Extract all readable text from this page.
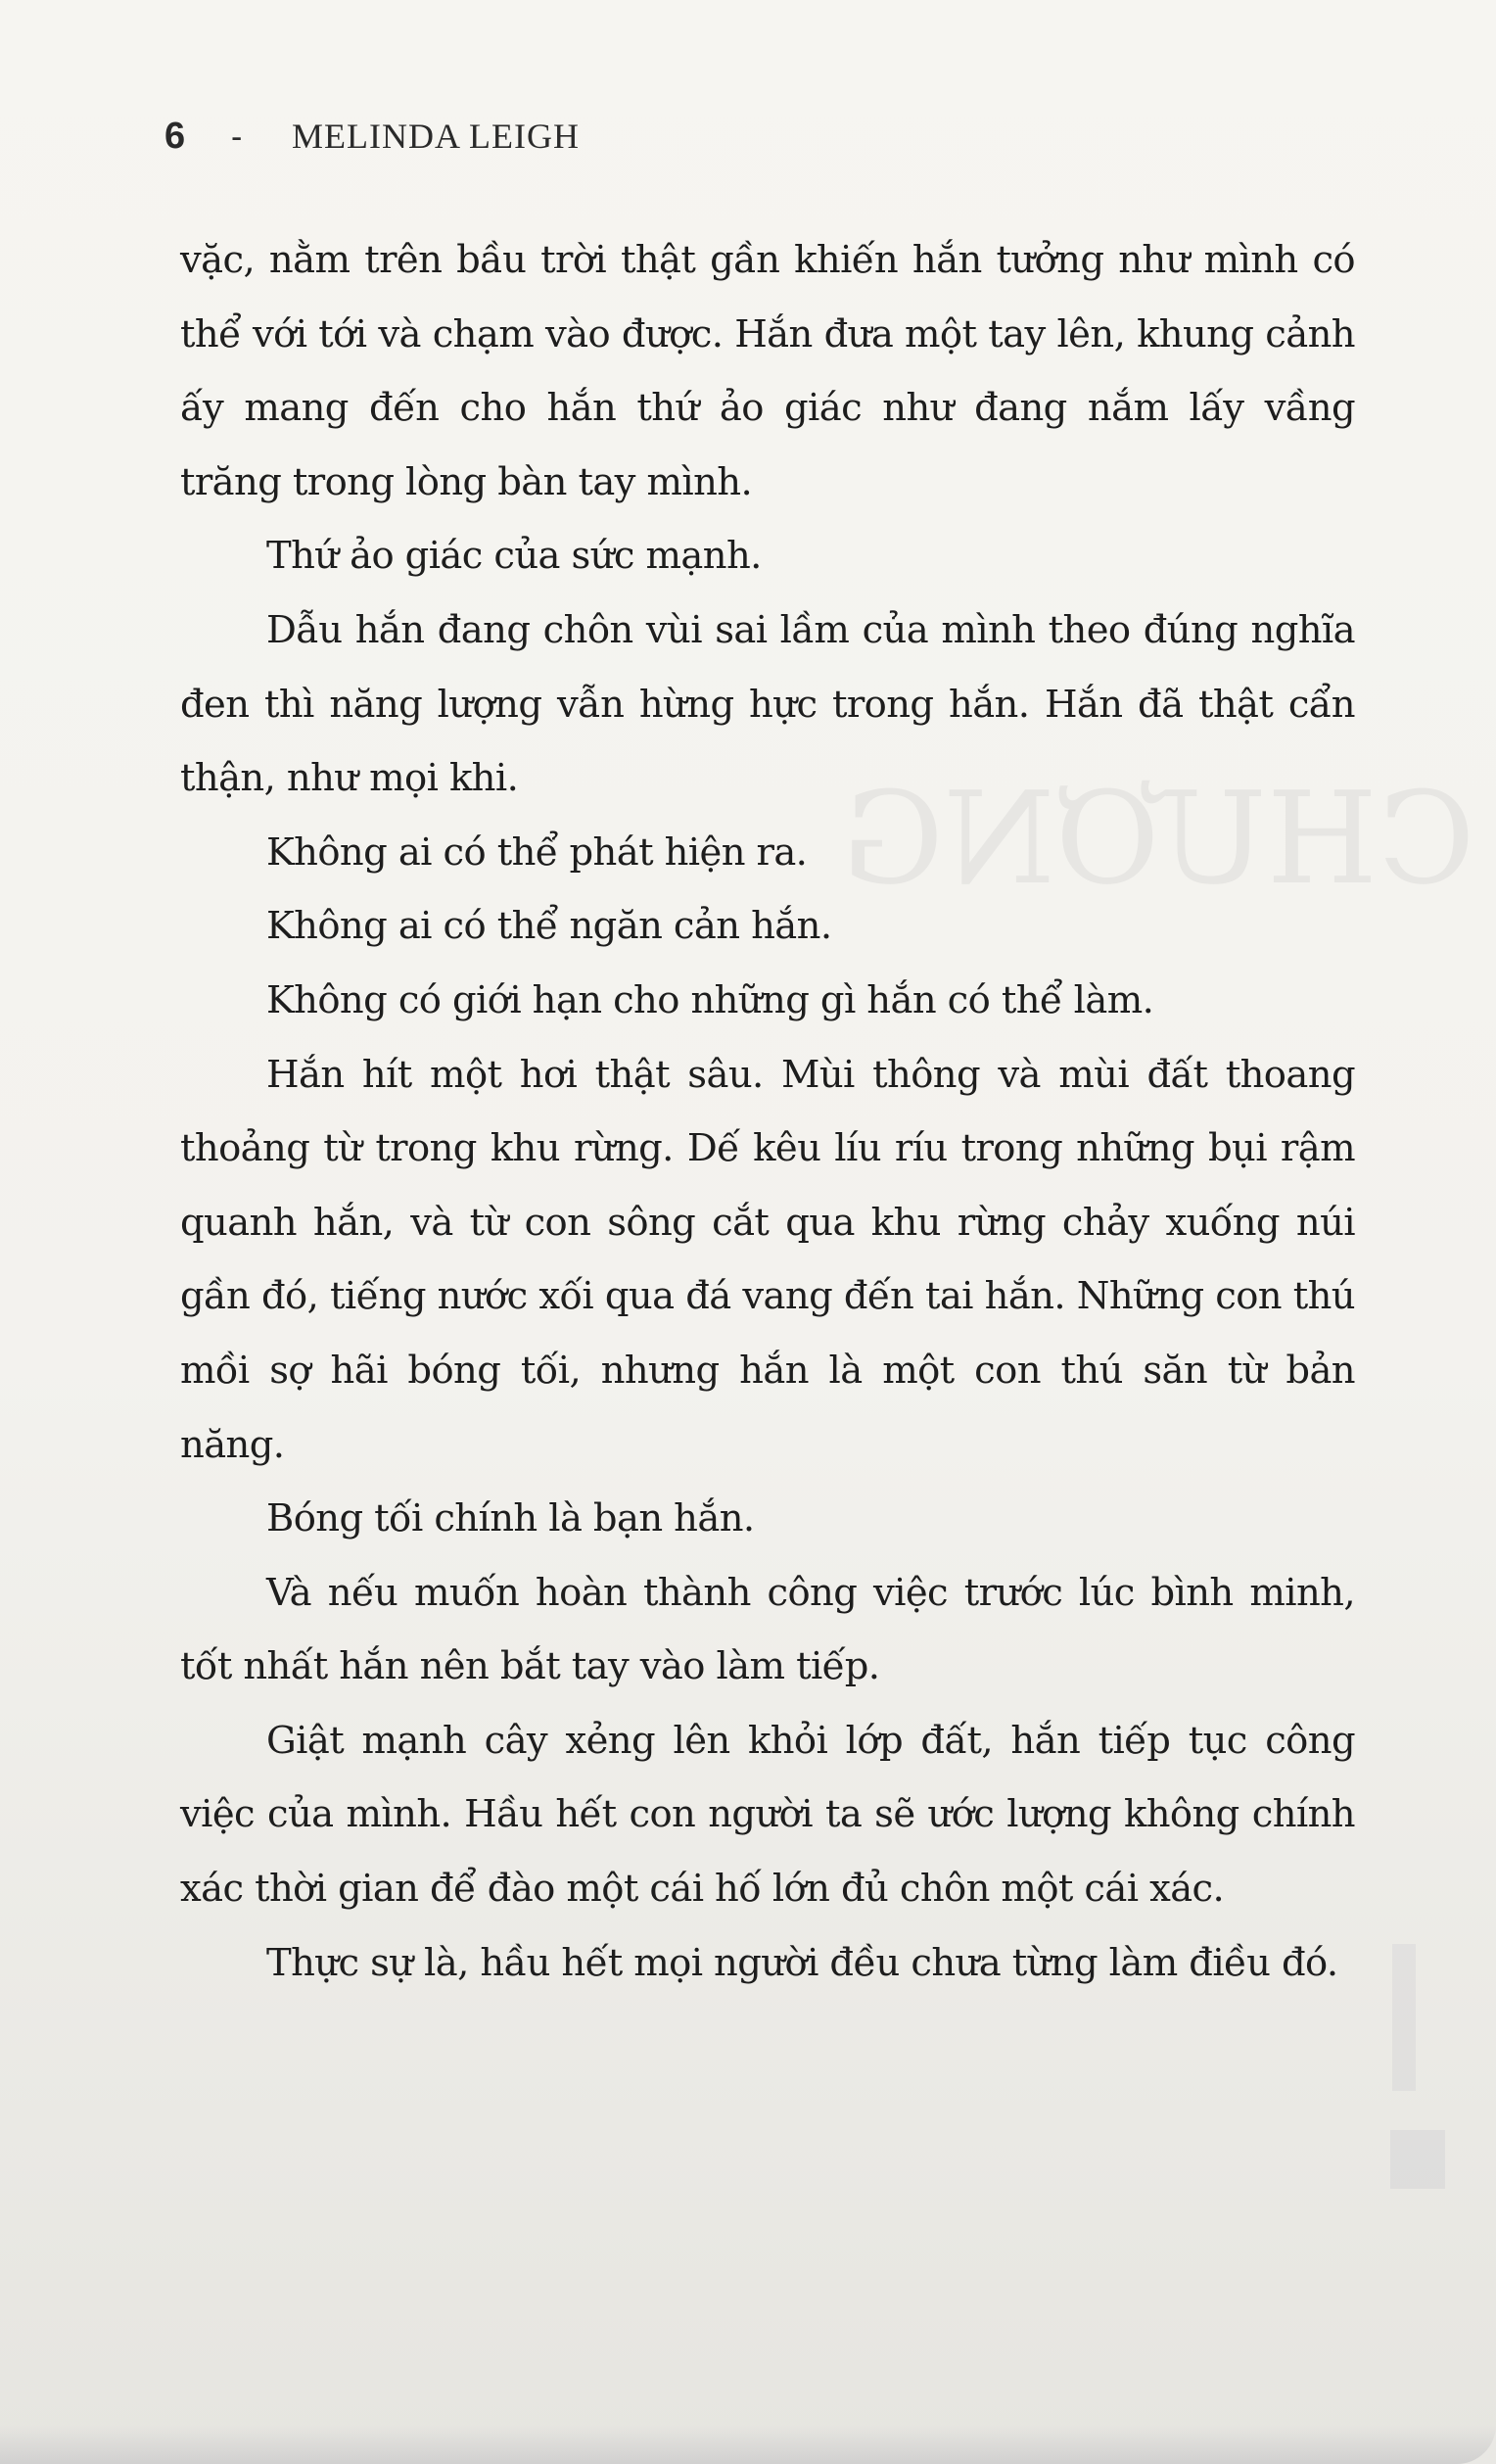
CHƯƠNG
6	-	MELINDA LEIGH

vặc, nằm trên bầu trời thật gần khiến hắn tưởng như mình có thể với tới và chạm vào được. Hắn đưa một tay lên, khung cảnh ấy mang đến cho hắn thứ ảo giác như đang nắm lấy vầng trăng trong lòng bàn tay mình.

Thứ ảo giác của sức mạnh.

Dẫu hắn đang chôn vùi sai lầm của mình theo đúng nghĩa đen thì năng lượng vẫn hừng hực trong hắn. Hắn đã thật cẩn thận, như mọi khi.

Không ai có thể phát hiện ra.

Không ai có thể ngăn cản hắn.

Không có giới hạn cho những gì hắn có thể làm.

Hắn hít một hơi thật sâu. Mùi thông và mùi đất thoang thoảng từ trong khu rừng. Dế kêu líu ríu trong những bụi rậm quanh hắn, và từ con sông cắt qua khu rừng chảy xuống núi gần đó, tiếng nước xối qua đá vang đến tai hắn. Những con thú mồi sợ hãi bóng tối, nhưng hắn là một con thú săn từ bản năng.

Bóng tối chính là bạn hắn.

Và nếu muốn hoàn thành công việc trước lúc bình minh, tốt nhất hắn nên bắt tay vào làm tiếp.

Giật mạnh cây xẻng lên khỏi lớp đất, hắn tiếp tục công việc của mình. Hầu hết con người ta sẽ ước lượng không chính xác thời gian để đào một cái hố lớn đủ chôn một cái xác.

Thực sự là, hầu hết mọi người đều chưa từng làm điều đó.
